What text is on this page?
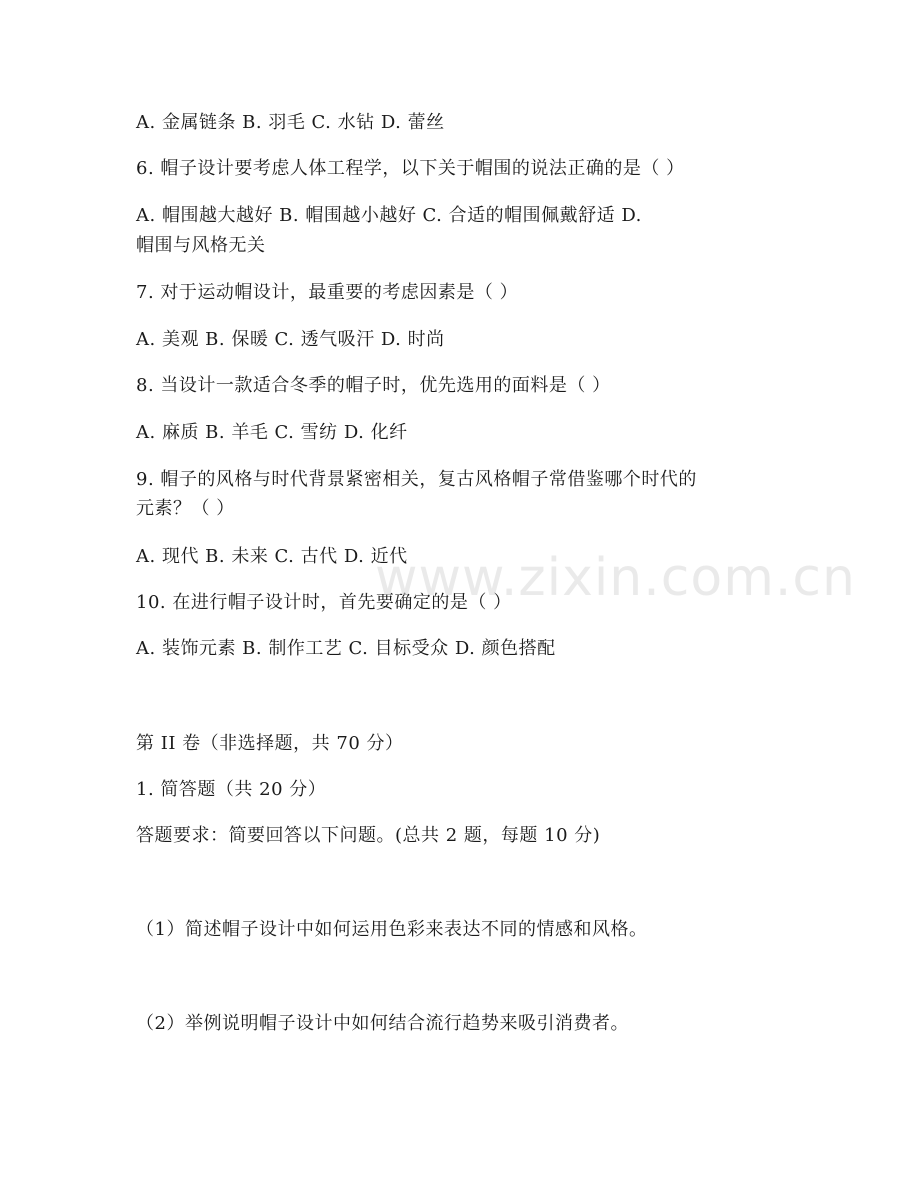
A. 金属链条 B. 羽毛 C. 水钻 D. 蕾丝
6. 帽子设计要考虑人体工程学，以下关于帽围的说法正确的是（ ）
A. 帽围越大越好 B. 帽围越小越好 C. 合适的帽围佩戴舒适 D.
帽围与风格无关
7. 对于运动帽设计，最重要的考虑因素是（ ）
A. 美观 B. 保暖 C. 透气吸汗 D. 时尚
8. 当设计一款适合冬季的帽子时，优先选用的面料是（ ）
A. 麻质 B. 羊毛 C. 雪纺 D. 化纤
9. 帽子的风格与时代背景紧密相关，复古风格帽子常借鉴哪个时代的
元素？（ ）
A. 现代 B. 未来 C. 古代 D. 近代
10. 在进行帽子设计时，首先要确定的是（ ）
A. 装饰元素 B. 制作工艺 C. 目标受众 D. 颜色搭配
第 II 卷（非选择题，共 70 分）
1. 简答题（共 20 分）
答题要求：简要回答以下问题。(总共 2 题，每题 10 分)
（1）简述帽子设计中如何运用色彩来表达不同的情感和风格。
（2）举例说明帽子设计中如何结合流行趋势来吸引消费者。
www.zixin.com.cn
